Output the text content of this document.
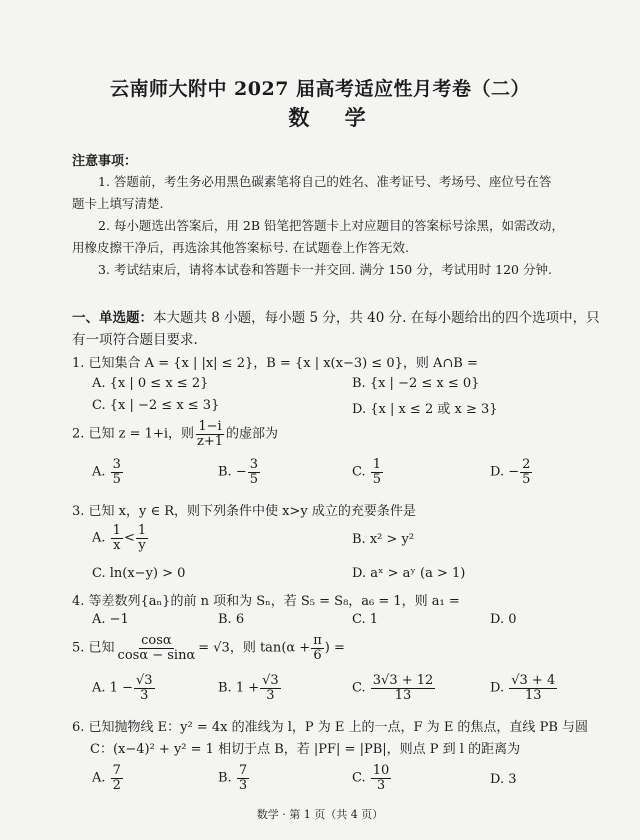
云南师大附中 2027 届高考适应性月考卷（二）
数 学
注意事项：
1. 答题前，考生务必用黑色碳素笔将自己的姓名、准考证号、考场号、座位号在答
题卡上填写清楚.
2. 每小题选出答案后，用 2B 铅笔把答题卡上对应题目的答案标号涂黑，如需改动，
用橡皮擦干净后，再选涂其他答案标号. 在试题卷上作答无效.
3. 考试结束后，请将本试卷和答题卡一并交回. 满分 150 分，考试用时 120 分钟.
一、单选题：本大题共 8 小题，每小题 5 分，共 40 分. 在每小题给出的四个选项中，只
有一项符合题目要求.
1. 已知集合 A = {x | |x| ≤ 2}，B = {x | x(x−3) ≤ 0}，则 A∩B =
A. {x | 0 ≤ x ≤ 2}	B. {x | −2 ≤ x ≤ 0}
C. {x | −2 ≤ x ≤ 3}	D. {x | x ≤ 2 或 x ≥ 3}
2. 已知 z = 1+i，则 $\frac{1-i}{z+1}$ 的虚部为
A. $\frac{3}{5}$	B. − $\frac{3}{5}$	C. $\frac{1}{5}$	D. − $\frac{2}{5}$
3. 已知 x，y ∈ R，则下列条件中使 x>y 成立的充要条件是
A. $\frac{1}{x} < \frac{1}{y}$	B. x² > y²
C. ln(x−y) > 0	D. aˣ > aʸ (a > 1)
4. 等差数列{aₙ}的前 n 项和为 Sₙ，若 S₅ = S₈，a₆ = 1，则 a₁ =
A. −1	B. 6	C. 1	D. 0
5. 已知 $\frac{\cos\alpha}{\cos\alpha - \sin\alpha} = √3$，则 $\tan(\alpha + \frac{\pi}{6}$ ) =
A. $1 - \frac{√3}{3}$	B. $1 + \frac{√3}{3}$	C. $\frac{3√3 + 12}{13}$	D. $\frac{√3 + 4}{13}$
6. 已知抛物线 E：y² = 4x 的准线为 l，P 为 E 上的一点，F 为 E 的焦点，直线 PB 与圆
C：(x−4)² + y² = 1 相切于点 B，若 |PF| = |PB|，则点 P 到 l 的距离为
A. $\frac{7}{2}$	B. $\frac{7}{3}$	C. $\frac{10}{3}$	D. 3
数学 · 第 1 页（共 4 页）
